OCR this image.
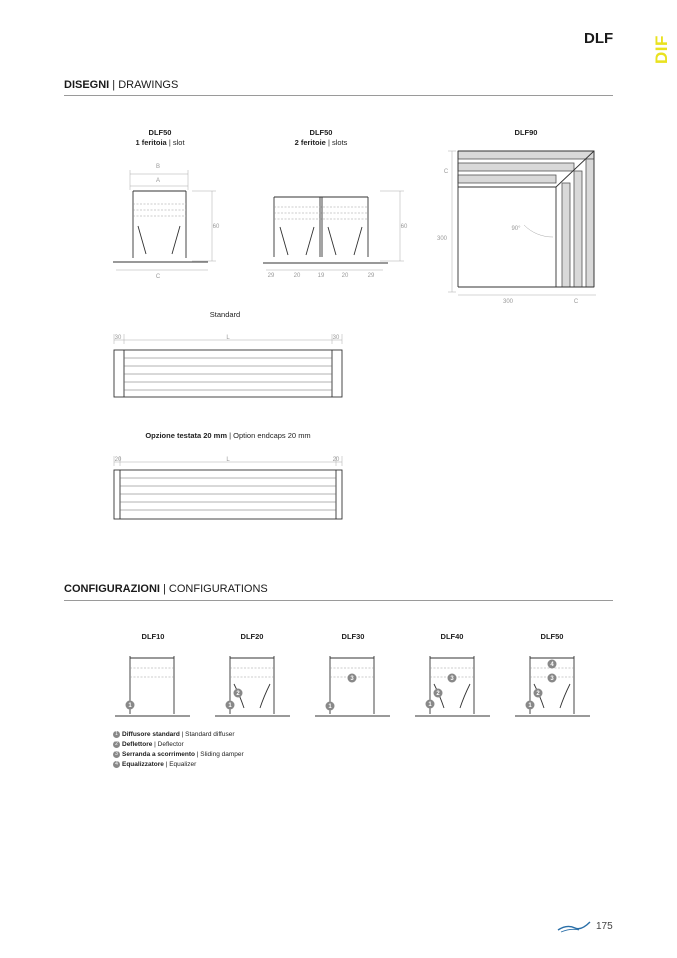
DLF DIF
DISEGNI | DRAWINGS
DLF50
1 feritoia | slot
DLF50
2 feritoie | slots
DLF90
B
A
60
C
60
29	20	19	20	29
C
300
90°
300	C
Standard
30	L	30
Opzione testata 20 mm | Option endcaps 20 mm
20	L	20
CONFIGURAZIONI | CONFIGURATIONS
DLF10	DLF20	DLF30	DLF40	DLF50
1	1
2
1
3
1
2
3
1
2
3
4
1 Diffusore standard | Standard diffuser
2 Deflettore | Deflector
3 Serranda a scorrimento | Sliding damper
4 Equalizzatore | Equalizer
175
